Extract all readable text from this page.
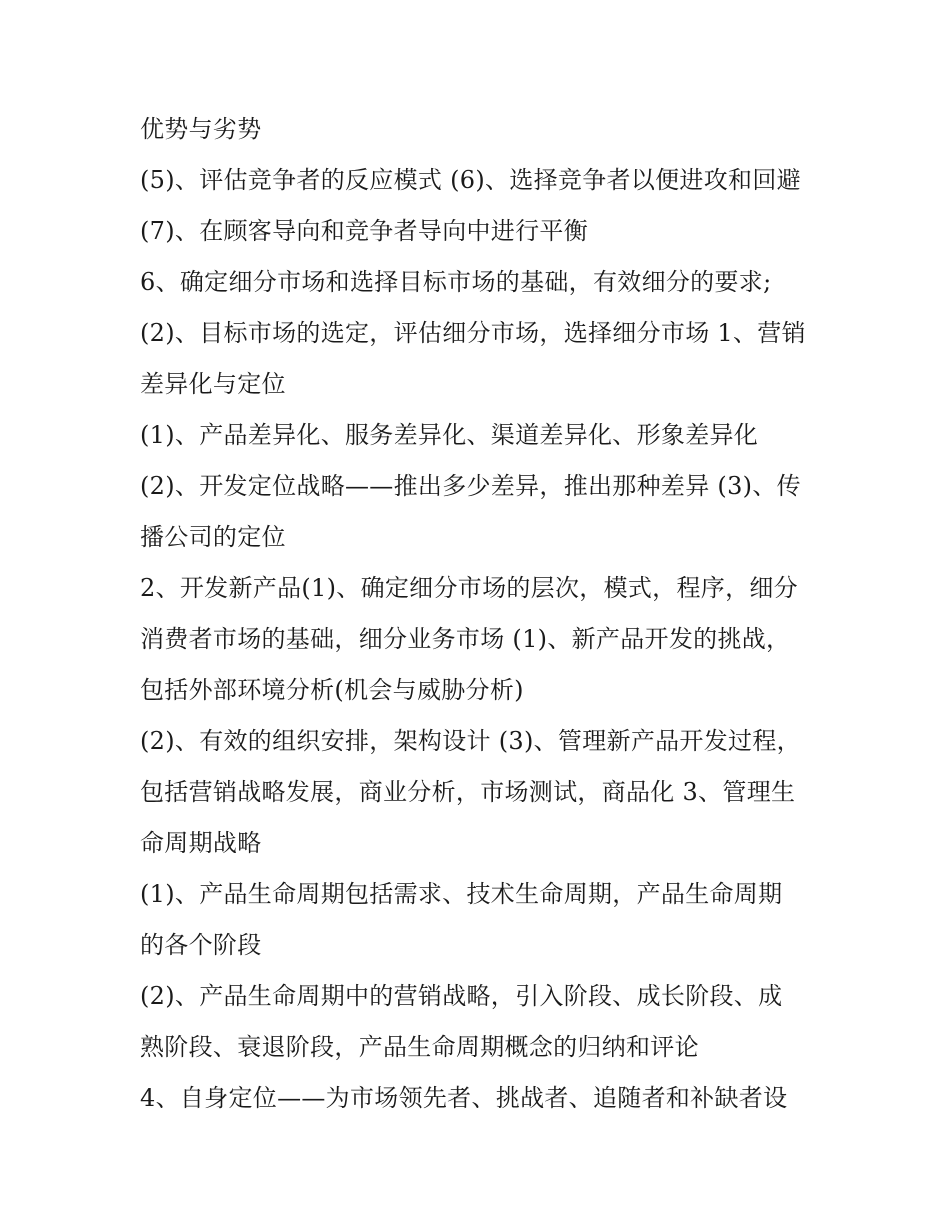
优势与劣势
(5)、评估竞争者的反应模式 (6)、选择竞争者以便进攻和回避
(7)、在顾客导向和竞争者导向中进行平衡
6、确定细分市场和选择目标市场的基础，有效细分的要求;
(2)、目标市场的选定，评估细分市场，选择细分市场 1、营销
差异化与定位
(1)、产品差异化、服务差异化、渠道差异化、形象差异化
(2)、开发定位战略——推出多少差异，推出那种差异 (3)、传
播公司的定位
2、开发新产品(1)、确定细分市场的层次，模式，程序，细分
消费者市场的基础，细分业务市场 (1)、新产品开发的挑战，
包括外部环境分析(机会与威胁分析)
(2)、有效的组织安排，架构设计 (3)、管理新产品开发过程，
包括营销战略发展，商业分析，市场测试，商品化 3、管理生
命周期战略
(1)、产品生命周期包括需求、技术生命周期，产品生命周期
的各个阶段
(2)、产品生命周期中的营销战略，引入阶段、成长阶段、成
熟阶段、衰退阶段，产品生命周期概念的归纳和评论
4、自身定位——为市场领先者、挑战者、追随者和补缺者设
